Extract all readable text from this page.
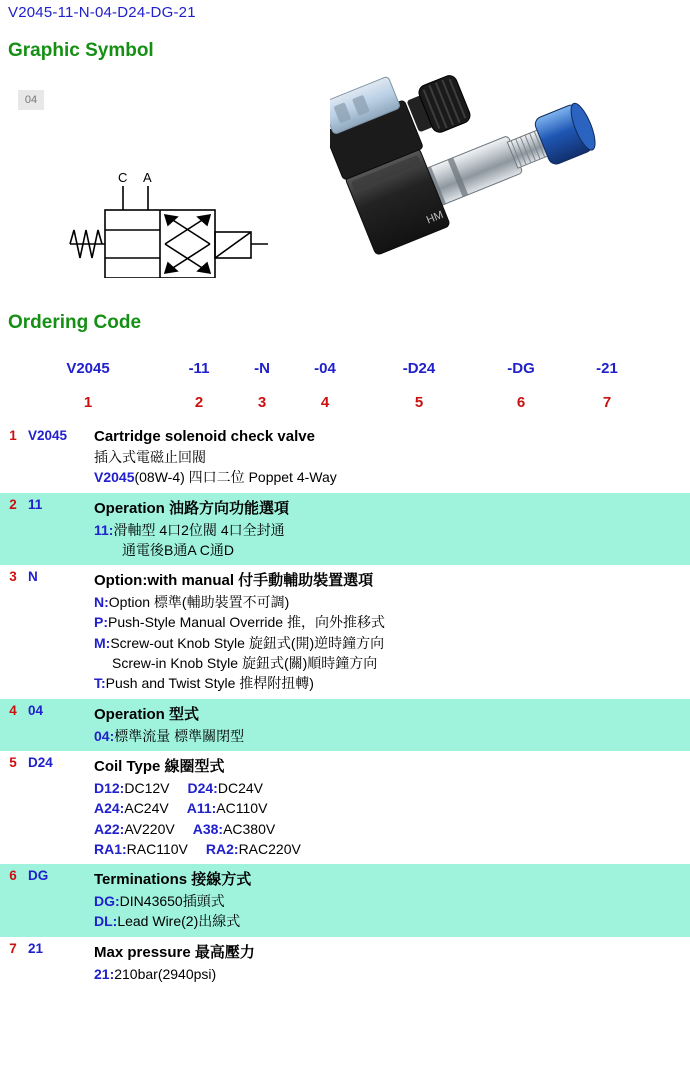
V2045-11-N-04-D24-DG-21
Graphic Symbol
04
C A
HM
Ordering Code
V2045	-11	-N	-04	-D24	-DG	-21
1	2	3	4	5	6	7
1	V2045	Cartridge solenoid check valve
插入式電磁止回閥
V2045(08W-4) 四口二位 Poppet 4-Way

2	11	Operation 油路方向功能選項
11:滑軸型 4口2位閥 4口全封通
通電後B通A C通D

3	N	Option:with manual 付手動輔助裝置選項
N:Option 標準(輔助裝置不可調)
P:Push-Style Manual Override 推，向外推移式
M:Screw-out Knob Style 旋鈕式(開)逆時鐘方向
Screw-in Knob Style 旋鈕式(關)順時鐘方向
T:Push and Twist Style 推桿附扭轉)

4	04	Operation 型式
04:標準流量 標準關閉型

5	D24	Coil Type 線圈型式
D12:DC12V D24:DC24V
A24:AC24V A11:AC110V
A22:AV220V A38:AC380V
RA1:RAC110V RA2:RAC220V

6	DG	Terminations 接線方式
DG:DIN43650插頭式
DL:Lead Wire(2)出線式

7	21	Max pressure 最高壓力
21:210bar(2940psi)
